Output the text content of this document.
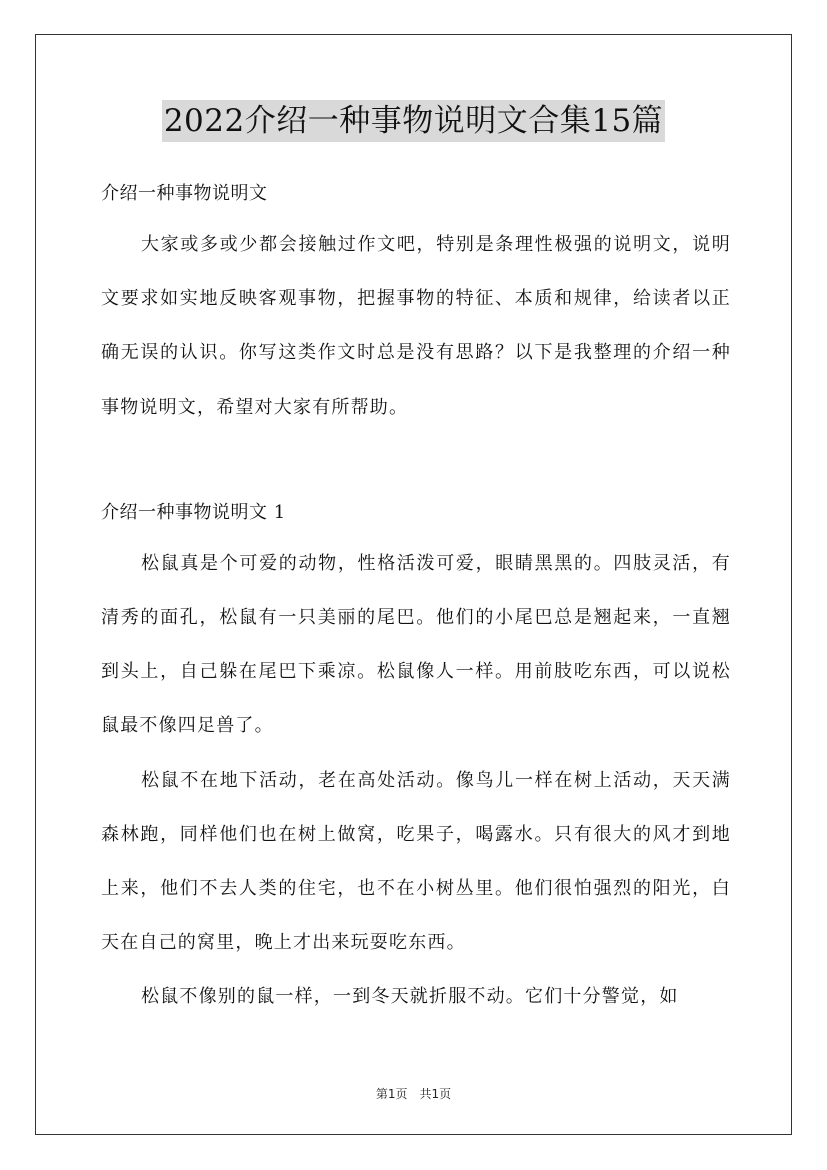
2022介绍一种事物说明文合集15篇

介绍一种事物说明文

大家或多或少都会接触过作文吧，特别是条理性极强的说明文，说明文要求如实地反映客观事物，把握事物的特征、本质和规律，给读者以正确无误的认识。你写这类作文时总是没有思路？以下是我整理的介绍一种事物说明文，希望对大家有所帮助。

介绍一种事物说明文 1

松鼠真是个可爱的动物，性格活泼可爱，眼睛黑黑的。四肢灵活，有清秀的面孔，松鼠有一只美丽的尾巴。他们的小尾巴总是翘起来，一直翘到头上，自己躲在尾巴下乘凉。松鼠像人一样。用前肢吃东西，可以说松鼠最不像四足兽了。

松鼠不在地下活动，老在高处活动。像鸟儿一样在树上活动，天天满森林跑，同样他们也在树上做窝，吃果子，喝露水。只有很大的风才到地上来，他们不去人类的住宅，也不在小树丛里。他们很怕强烈的阳光，白天在自己的窝里，晚上才出来玩耍吃东西。

松鼠不像别的鼠一样，一到冬天就折服不动。它们十分警觉，如

第1页　共1页
